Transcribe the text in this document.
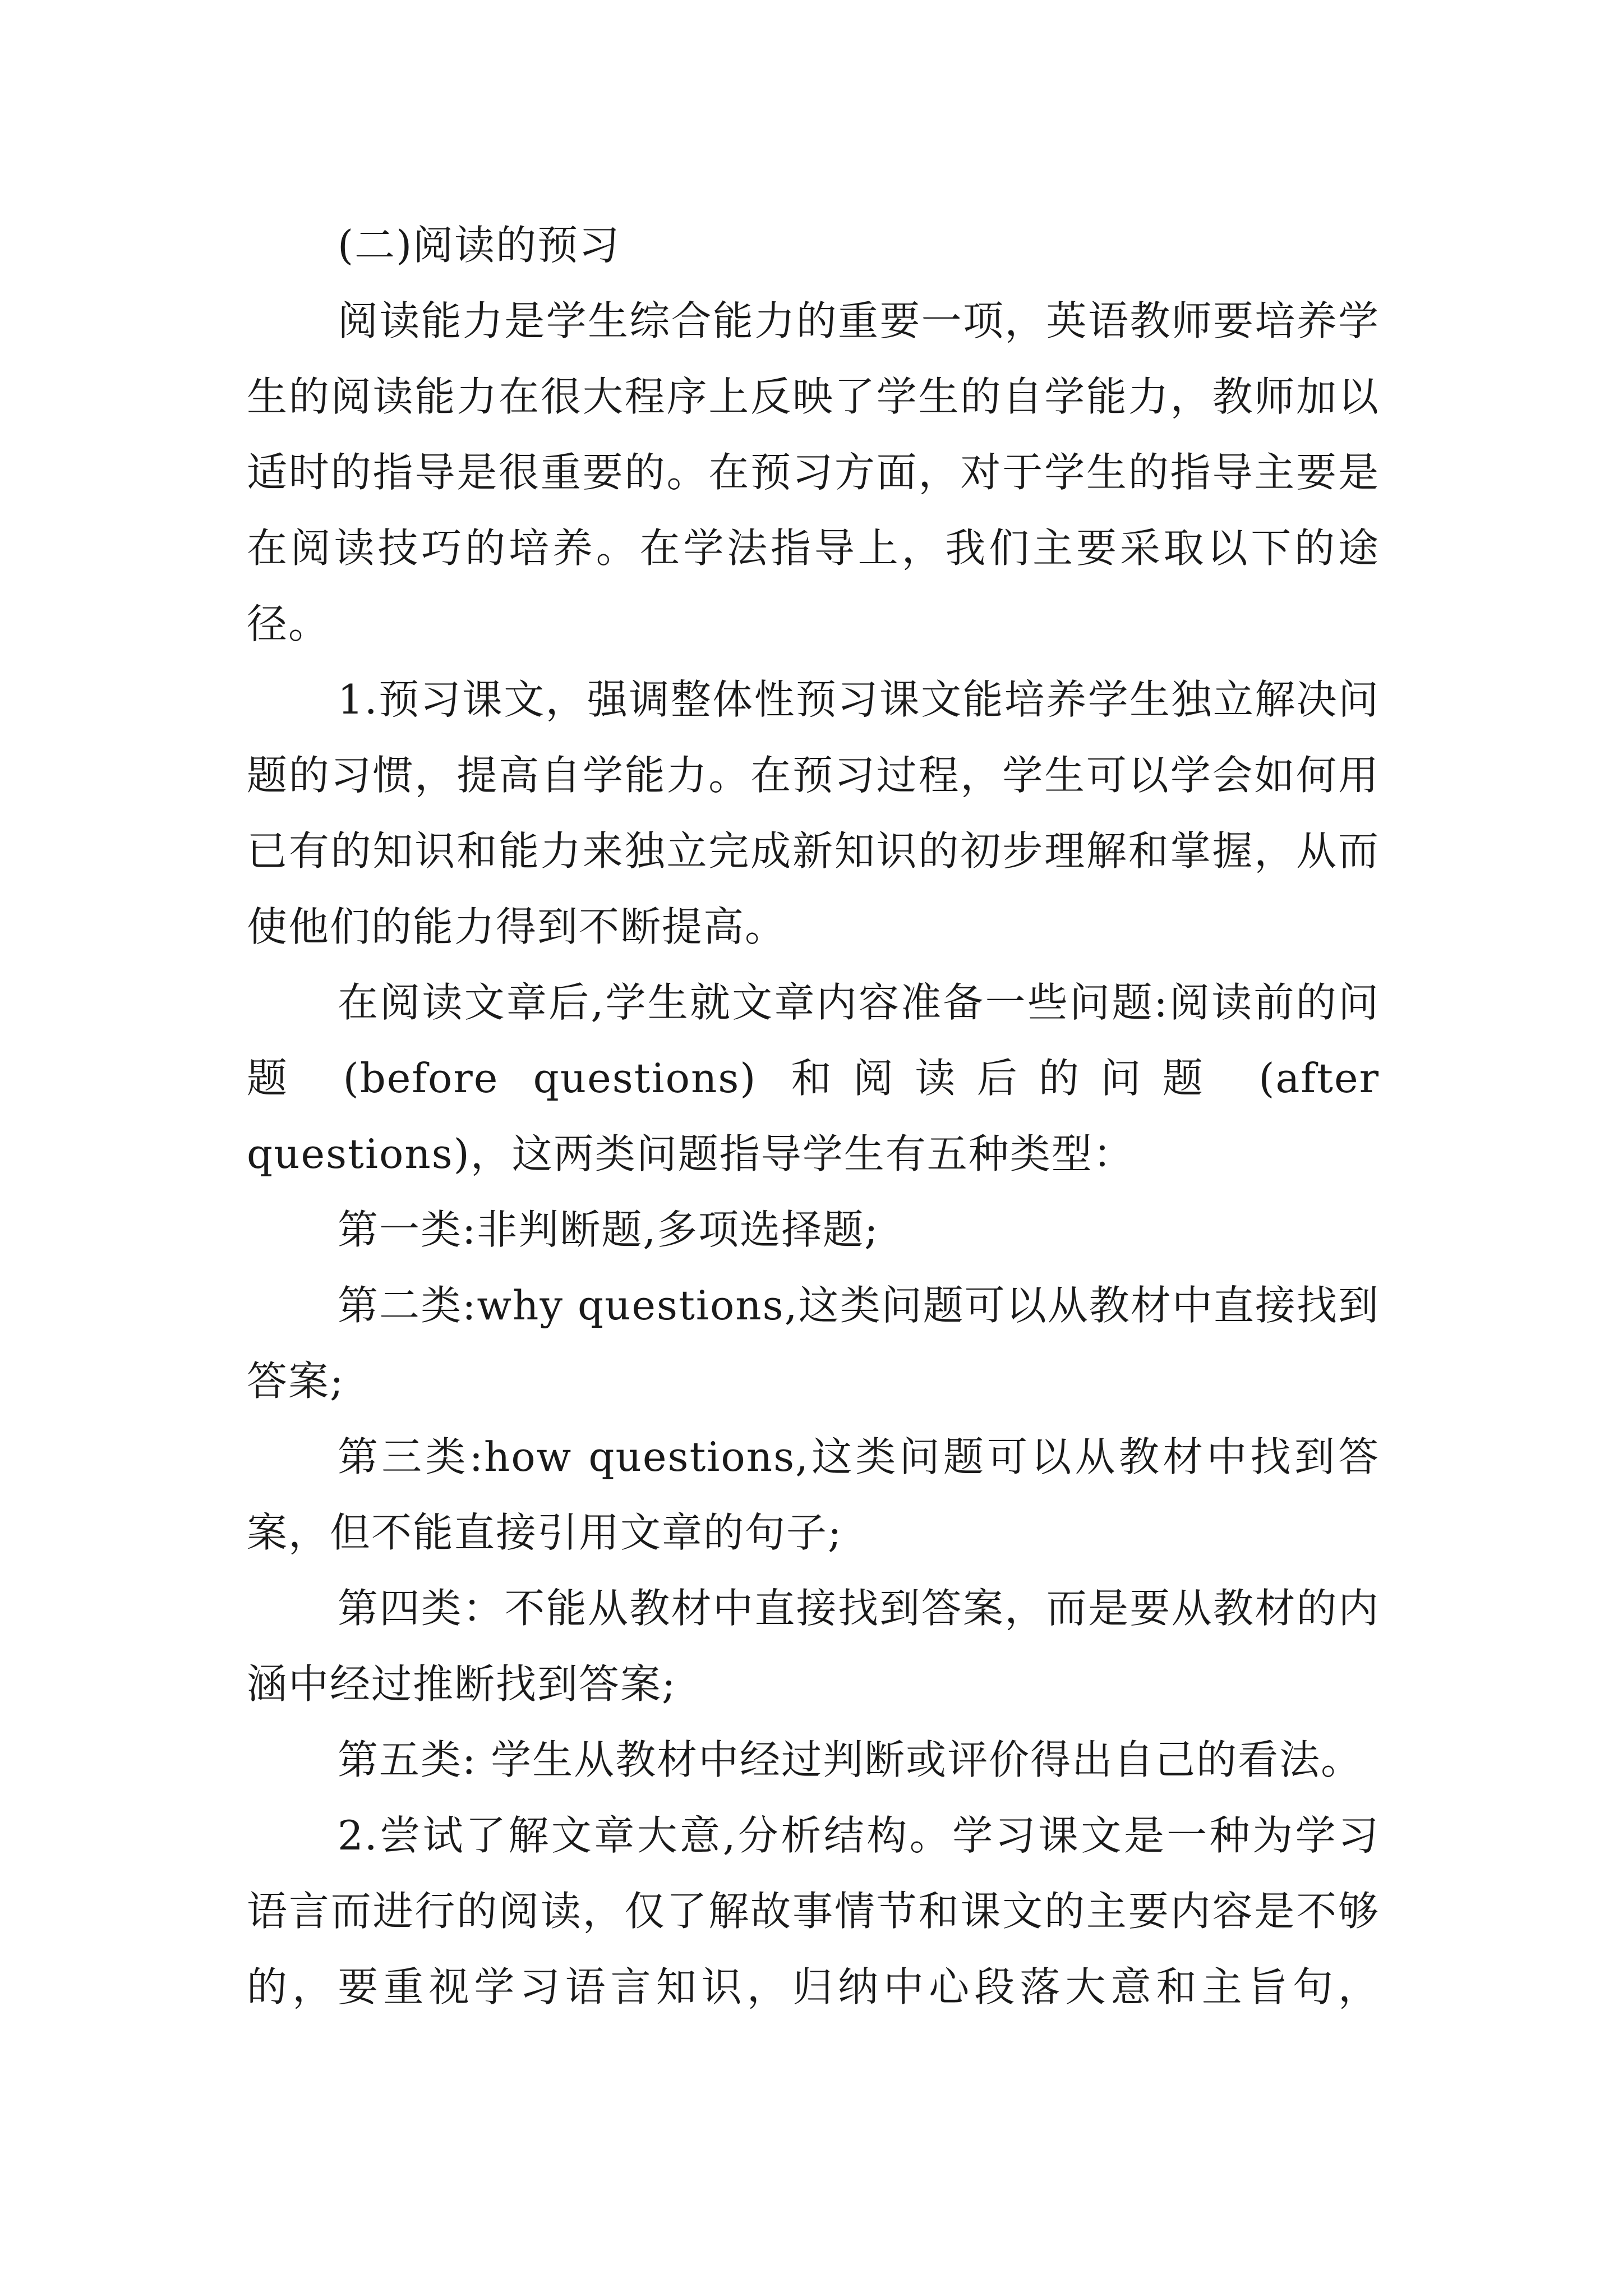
(二)阅读的预习

阅读能力是学生综合能力的重要一项，英语教师要培养学生的阅读能力在很大程序上反映了学生的自学能力，教师加以适时的指导是很重要的。在预习方面，对于学生的指导主要是在阅读技巧的培养。在学法指导上，我们主要采取以下的途径。

1.预习课文，强调整体性预习课文能培养学生独立解决问题的习惯，提高自学能力。在预习过程，学生可以学会如何用已有的知识和能力来独立完成新知识的初步理解和掌握，从而使他们的能力得到不断提高。

在阅读文章后,学生就文章内容准备一些问题:阅读前的问题 (before questions) 和阅读后的问题 (after questions)，这两类问题指导学生有五种类型：

第一类:非判断题,多项选择题;

第二类:why questions,这类问题可以从教材中直接找到答案;

第三类:how questions,这类问题可以从教材中找到答案，但不能直接引用文章的句子;

第四类：不能从教材中直接找到答案，而是要从教材的内涵中经过推断找到答案;

第五类: 学生从教材中经过判断或评价得出自己的看法。

2.尝试了解文章大意,分析结构。学习课文是一种为学习语言而进行的阅读，仅了解故事情节和课文的主要内容是不够的，要重视学习语言知识，归纳中心段落大意和主旨句，
